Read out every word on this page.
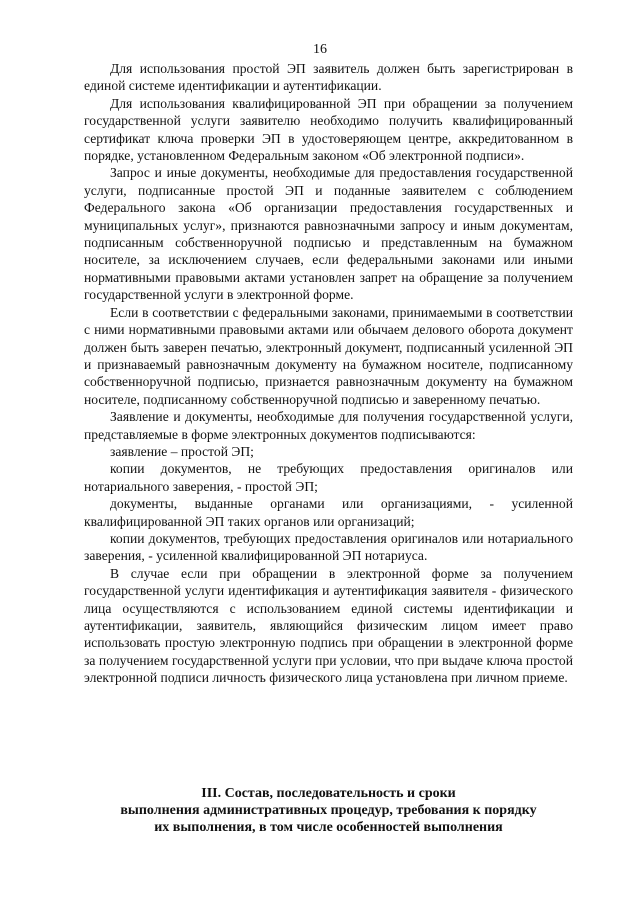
16

Для использования простой ЭП заявитель должен быть зарегистрирован в единой системе идентификации и аутентификации.

Для использования квалифицированной ЭП при обращении за получением государственной услуги заявителю необходимо получить квалифицированный сертификат ключа проверки ЭП в удостоверяющем центре, аккредитованном в порядке, установленном Федеральным законом «Об электронной подписи».

Запрос и иные документы, необходимые для предоставления государственной услуги, подписанные простой ЭП и поданные заявителем с соблюдением Федерального закона «Об организации предоставления государственных и муниципальных услуг», признаются равнозначными запросу и иным документам, подписанным собственноручной подписью и представленным на бумажном носителе, за исключением случаев, если федеральными законами или иными нормативными правовыми актами установлен запрет на обращение за получением государственной услуги в электронной форме.

Если в соответствии с федеральными законами, принимаемыми в соответствии с ними нормативными правовыми актами или обычаем делового оборота документ должен быть заверен печатью, электронный документ, подписанный усиленной ЭП и признаваемый равнозначным документу на бумажном носителе, подписанному собственноручной подписью, признается равнозначным документу на бумажном носителе, подписанному собственноручной подписью и заверенному печатью.

Заявление и документы, необходимые для получения государственной услуги, представляемые в форме электронных документов подписываются:

заявление – простой ЭП;

копии документов, не требующих предоставления оригиналов или нотариального заверения, - простой ЭП;

документы, выданные органами или организациями, - усиленной квалифицированной ЭП таких органов или организаций;

копии документов, требующих предоставления оригиналов или нотариального заверения, - усиленной квалифицированной ЭП нотариуса.

В случае если при обращении в электронной форме за получением государственной услуги идентификация и аутентификация заявителя - физического лица осуществляются с использованием единой системы идентификации и аутентификации, заявитель, являющийся физическим лицом имеет право использовать простую электронную подпись при обращении в электронной форме за получением государственной услуги при условии, что при выдаче ключа простой электронной подписи личность физического лица установлена при личном приеме.

III. Состав, последовательность и сроки
выполнения административных процедур, требования к порядку
их выполнения, в том числе особенностей выполнения
